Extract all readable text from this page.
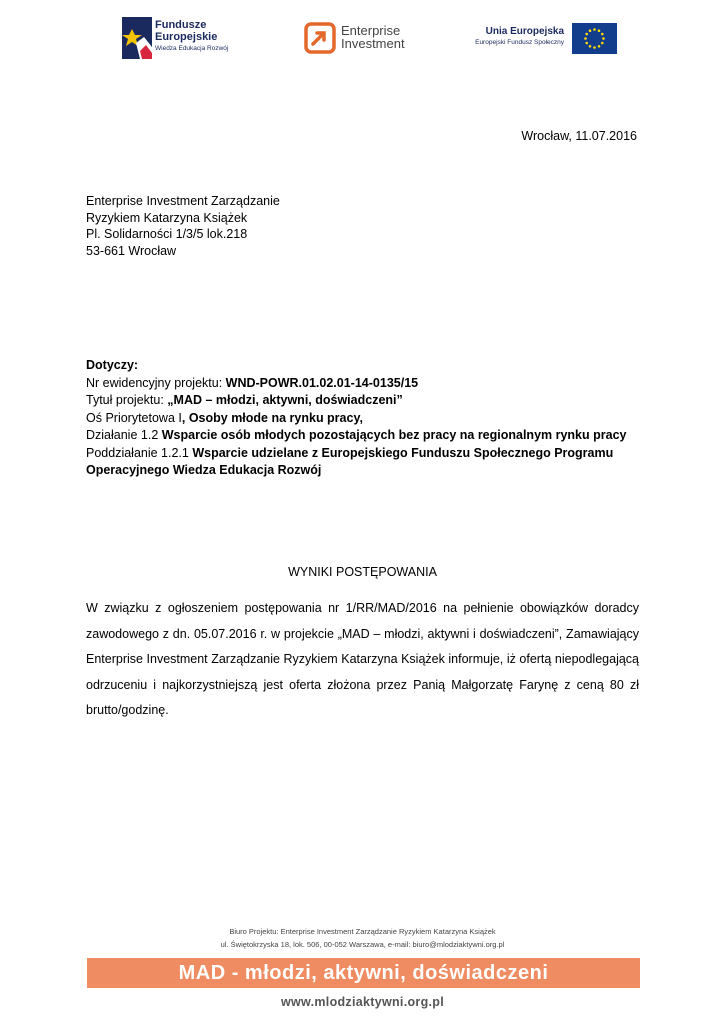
Fundusze
Europejskie
Wiedza Edukacja Rozwój
Enterprise
Investment
Unia Europejska
Europejski Fundusz Społeczny
Wrocław, 11.07.2016
Enterprise Investment Zarządzanie
Ryzykiem Katarzyna Książek
Pl. Solidarności 1/3/5 lok.218
53-661 Wrocław
Dotyczy:
Nr ewidencyjny projektu: WND-POWR.01.02.01-14-0135/15
Tytuł projektu: „MAD – młodzi, aktywni, doświadczeni”
Oś Priorytetowa I, Osoby młode na rynku pracy,
Działanie 1.2 Wsparcie osób młodych pozostających bez pracy na regionalnym rynku pracy
Poddziałanie 1.2.1 Wsparcie udzielane z Europejskiego Funduszu Społecznego Programu
Operacyjnego Wiedza Edukacja Rozwój
WYNIKI POSTĘPOWANIA
W związku z ogłoszeniem postępowania nr 1/RR/MAD/2016 na pełnienie obowiązków doradcy zawodowego z dn. 05.07.2016 r. w projekcie „MAD – młodzi, aktywni i doświadczeni”, Zamawiający Enterprise Investment Zarządzanie Ryzykiem Katarzyna Książek informuje, iż ofertą niepodlegającą odrzuceniu i najkorzystniejszą jest oferta złożona przez Panią Małgorzatę Farynę z ceną 80 zł brutto/godzinę.
Biuro Projektu: Enterprise Investment Zarządzanie Ryzykiem Katarzyna Książek
ul. Świętokrzyska 18, lok. 506, 00-052 Warszawa, e-mail: biuro@mlodziaktywni.org.pl
MAD - młodzi, aktywni, doświadczeni
www.mlodziaktywni.org.pl
